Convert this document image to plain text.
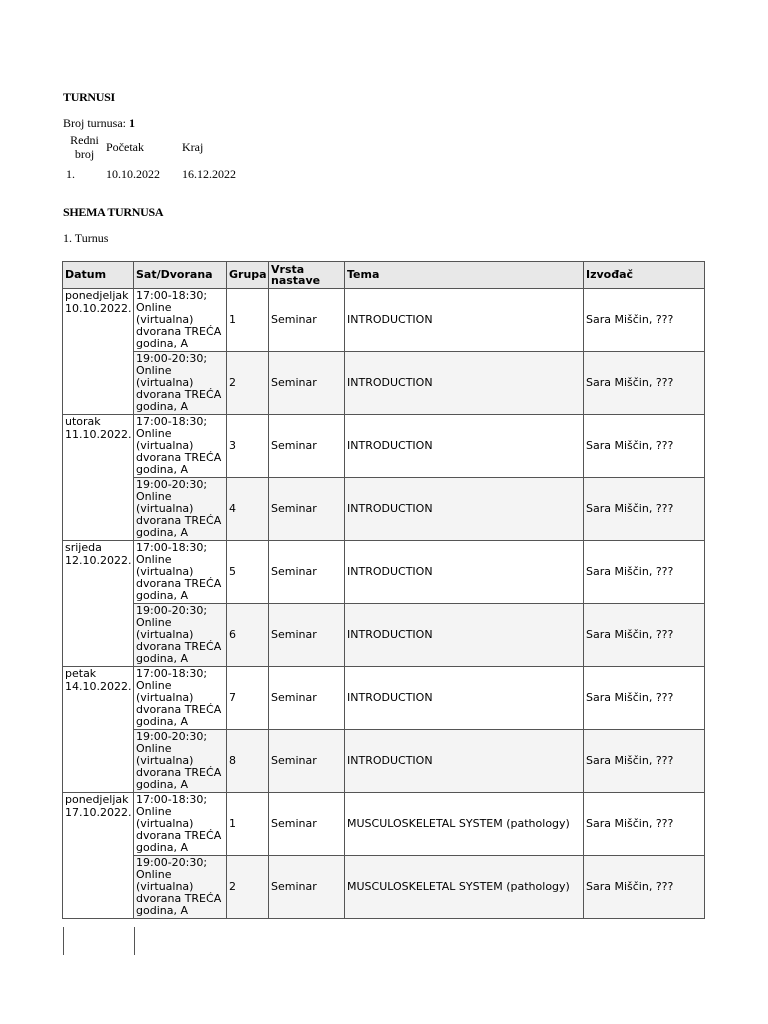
TURNUSI
Broj turnusa: 1
Redni broj	Početak	Kraj
1.	10.10.2022	16.12.2022
SHEMA TURNUSA
1. Turnus
Datum	Sat/Dvorana	Grupa	Vrsta nastave	Tema	Izvođač
ponedjeljak 10.10.2022.	17:00-18:30; Online (virtualna) dvorana TREĆA godina, A	1	Seminar	INTRODUCTION	Sara Miščin, ???
	19:00-20:30; Online (virtualna) dvorana TREĆA godina, A	2	Seminar	INTRODUCTION	Sara Miščin, ???
utorak 11.10.2022.	17:00-18:30; Online (virtualna) dvorana TREĆA godina, A	3	Seminar	INTRODUCTION	Sara Miščin, ???
	19:00-20:30; Online (virtualna) dvorana TREĆA godina, A	4	Seminar	INTRODUCTION	Sara Miščin, ???
srijeda 12.10.2022.	17:00-18:30; Online (virtualna) dvorana TREĆA godina, A	5	Seminar	INTRODUCTION	Sara Miščin, ???
	19:00-20:30; Online (virtualna) dvorana TREĆA godina, A	6	Seminar	INTRODUCTION	Sara Miščin, ???
petak 14.10.2022.	17:00-18:30; Online (virtualna) dvorana TREĆA godina, A	7	Seminar	INTRODUCTION	Sara Miščin, ???
	19:00-20:30; Online (virtualna) dvorana TREĆA godina, A	8	Seminar	INTRODUCTION	Sara Miščin, ???
ponedjeljak 17.10.2022.	17:00-18:30; Online (virtualna) dvorana TREĆA godina, A	1	Seminar	MUSCULOSKELETAL SYSTEM (pathology)	Sara Miščin, ???
	19:00-20:30; Online (virtualna) dvorana TREĆA godina, A	2	Seminar	MUSCULOSKELETAL SYSTEM (pathology)	Sara Miščin, ???
